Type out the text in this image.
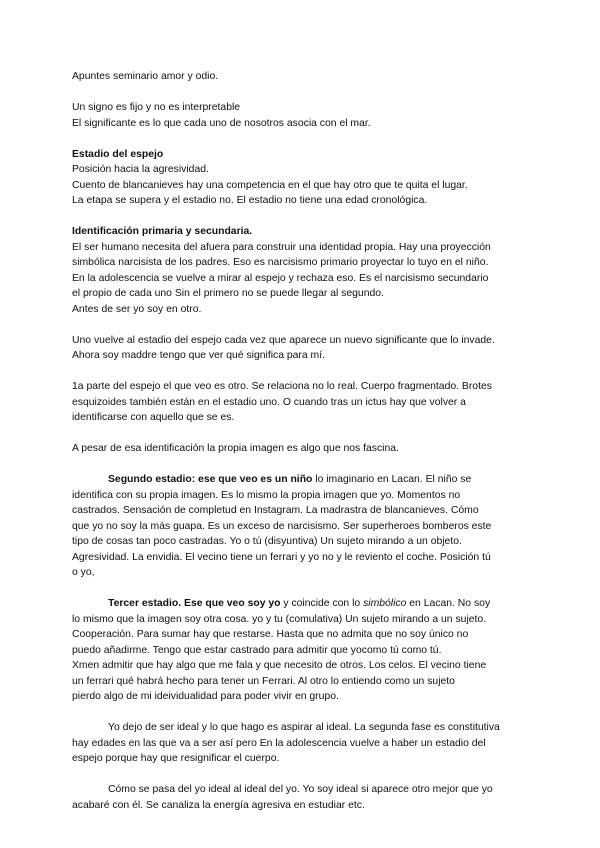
Apuntes seminario amor y odio.
Un signo es fijo y no es interpretable
El significante es lo que cada uno de nosotros asocia con el mar.
Estadio del espejo
Posición hacia la agresividad.
Cuento de blancanieves hay una competencia en el que hay otro que te quita el lugar.
La etapa se supera y el estadio no. El estadio no tiene una edad cronológica.
Identificación primaria y secundaria.
El ser humano necesita del afuera para construir una identidad propia. Hay una proyección
simbólica narcisista de los padres. Eso es narcisismo primario proyectar lo tuyo en el niño.
En la adolescencia se vuelve a mirar al espejo y rechaza eso. Es el narcisismo secundario
el propio de cada uno Sin el primero no se puede llegar al segundo.
Antes de ser yo soy en otro.
Uno vuelve al estadio del espejo cada vez que aparece un nuevo significante que lo invade.
Ahora soy maddre tengo que ver qué significa para mí.
1a parte del espejo el que veo es otro. Se relaciona no lo real. Cuerpo fragmentado. Brotes
esquizoides también están en el estadio uno. O cuando tras un ictus hay que volver a
identificarse con aquello que se es.
A pesar de esa identificación la propia imagen es algo que nos fascina.
Segundo estadio: ese que veo es un niño lo imaginario en Lacan. El niño se
identifica con su propia imagen. Es lo mismo la propia imagen que yo. Momentos no
castrados. Sensación de completud en Instagram. La madrastra de blancanieves. Cómo
que yo no soy la más guapa. Es un exceso de narcisismo. Ser superheroes bomberos este
tipo de cosas tan poco castradas. Yo o tú (disyuntiva) Un sujeto mirando a un objeto.
Agresividad. La envidia. El vecino tiene un ferrari y yo no y le reviento el coche. Posición tú
o yo,
Tercer estadio. Ese que veo soy yo y coincide con lo simbólico en Lacan. No soy
lo mismo que la imagen soy otra cosa. yo y tu (comulativa) Un sujeto mirando a un sujeto.
Cooperación. Para sumar hay que restarse. Hasta que no admita que no soy único no
puedo añadirme. Tengo que estar castrado para admitir que yocomo tú como tú.
Xmen admitir que hay algo que me fala y que necesito de otros. Los celos. El vecino tiene
un ferrari qué habrá hecho para tener un Ferrari. Al otro lo entiendo como un sujeto
pierdo algo de mi ideividualidad para poder vivir en grupo.
Yo dejo de ser ideal y lo que hago es aspirar al ideal. La segunda fase es constitutiva
hay edades en las que va a ser así pero En la adolescencia vuelve a haber un estadio del
espejo porque hay que resignificar el cuerpo.
Cómo se pasa del yo ideal al ideal del yo. Yo soy ideal si aparece otro mejor que yo
acabaré con él. Se canaliza la energía agresiva en estudiar etc.
